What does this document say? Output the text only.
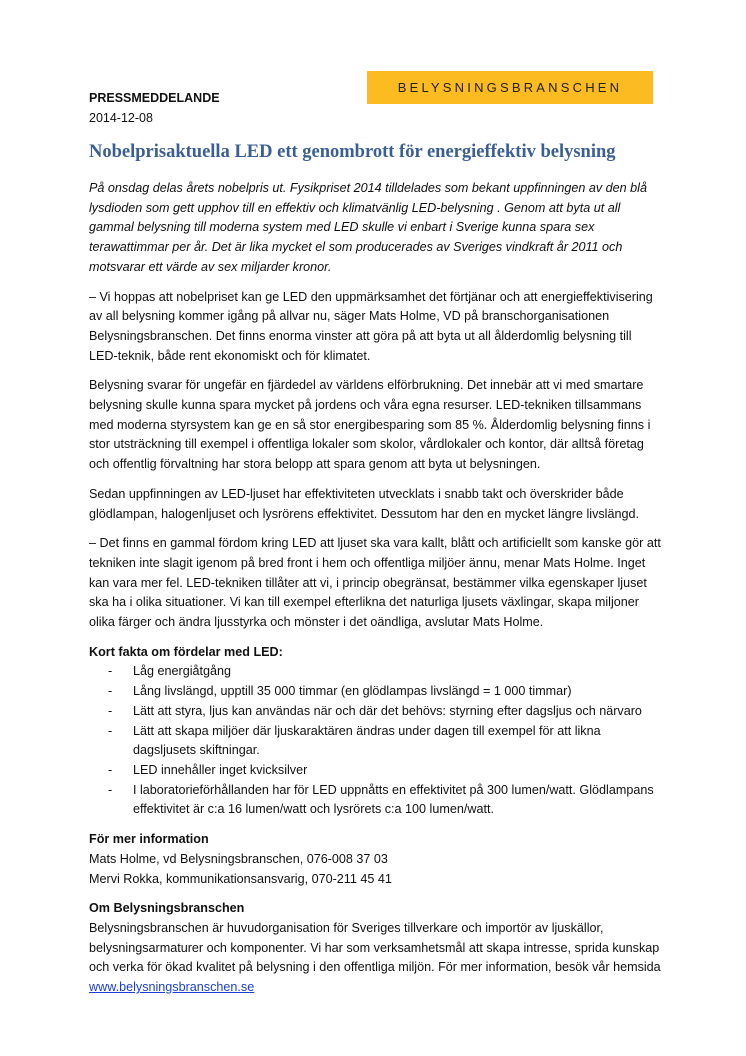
BELYSNINGSBRANSCHEN
PRESSMEDDELANDE
2014-12-08
Nobelprisaktuella LED ett genombrott för energieffektiv belysning

På onsdag delas årets nobelpris ut. Fysikpriset 2014 tilldelades som bekant uppfinningen av den blå lysdioden som gett upphov till en effektiv och klimatvänlig LED-belysning . Genom att byta ut all gammal belysning till moderna system med LED skulle vi enbart i Sverige kunna spara sex terawattimmar per år. Det är lika mycket el som producerades av Sveriges vindkraft år 2011 och motsvarar ett värde av sex miljarder kronor.

– Vi hoppas att nobelpriset kan ge LED den uppmärksamhet det förtjänar och att energieffektivisering av all belysning kommer igång på allvar nu, säger Mats Holme, VD på branschorganisationen Belysningsbranschen. Det finns enorma vinster att göra på att byta ut all ålderdomlig belysning till LED-teknik, både rent ekonomiskt och för klimatet.

Belysning svarar för ungefär en fjärdedel av världens elförbrukning. Det innebär att vi med smartare belysning skulle kunna spara mycket på jordens och våra egna resurser. LED-tekniken tillsammans med moderna styrsystem kan ge en så stor energibesparing som 85 %. Ålderdomlig belysning finns i stor utsträckning till exempel i offentliga lokaler som skolor, vårdlokaler och kontor, där alltså företag och offentlig förvaltning har stora belopp att spara genom att byta ut belysningen.

Sedan uppfinningen av LED-ljuset har effektiviteten utvecklats i snabb takt och överskrider både glödlampan, halogenljuset och lysrörens effektivitet. Dessutom har den en mycket längre livslängd.

– Det finns en gammal fördom kring LED att ljuset ska vara kallt, blått och artificiellt som kanske gör att tekniken inte slagit igenom på bred front i hem och offentliga miljöer ännu, menar Mats Holme. Inget kan vara mer fel. LED-tekniken tillåter att vi, i princip obegränsat, bestämmer vilka egenskaper ljuset ska ha i olika situationer. Vi kan till exempel efterlikna det naturliga ljusets växlingar, skapa miljoner olika färger och ändra ljusstyrka och mönster i det oändliga, avslutar Mats Holme.

Kort fakta om fördelar med LED:
- Låg energiåtgång
- Lång livslängd, upptill 35 000 timmar (en glödlampas livslängd = 1 000 timmar)
- Lätt att styra, ljus kan användas när och där det behövs: styrning efter dagsljus och närvaro
- Lätt att skapa miljöer där ljuskaraktären ändras under dagen till exempel för att likna dagsljusets skiftningar.
- LED innehåller inget kvicksilver
- I laboratorieförhållanden har för LED uppnåtts en effektivitet på 300 lumen/watt. Glödlampans effektivitet är c:a 16 lumen/watt och lysrörets c:a 100 lumen/watt.
För mer information
Mats Holme, vd Belysningsbranschen, 076-008 37 03
Mervi Rokka, kommunikationsansvarig, 070-211 45 41
Om Belysningsbranschen
Belysningsbranschen är huvudorganisation för Sveriges tillverkare och importör av ljuskällor, belysningsarmaturer och komponenter. Vi har som verksamhetsmål att skapa intresse, sprida kunskap och verka för ökad kvalitet på belysning i den offentliga miljön. För mer information, besök vår hemsida www.belysningsbranschen.se
